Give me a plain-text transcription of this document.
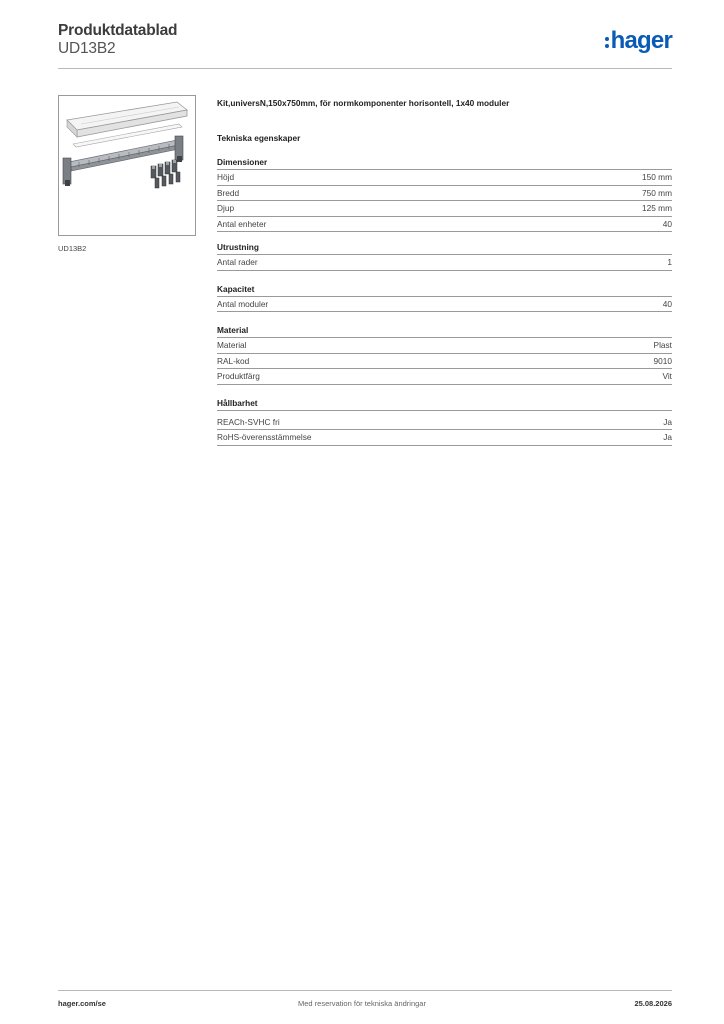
Produktdatablad
UD13B2	hager
UD13B2
Kit,universN,150x750mm, för normkomponenter horisontell, 1x40 moduler
Tekniska egenskaper
Dimensioner
Höjd	150 mm
Bredd	750 mm
Djup	125 mm
Antal enheter	40
Utrustning
Antal rader	1
Kapacitet
Antal moduler	40
Material
Material	Plast
RAL-kod	9010
Produktfärg	Vit
Hållbarhet
REACh-SVHC fri	Ja
RoHS-överensstämmelse	Ja
hager.com/se	Med reservation för tekniska ändringar	25.08.2026
